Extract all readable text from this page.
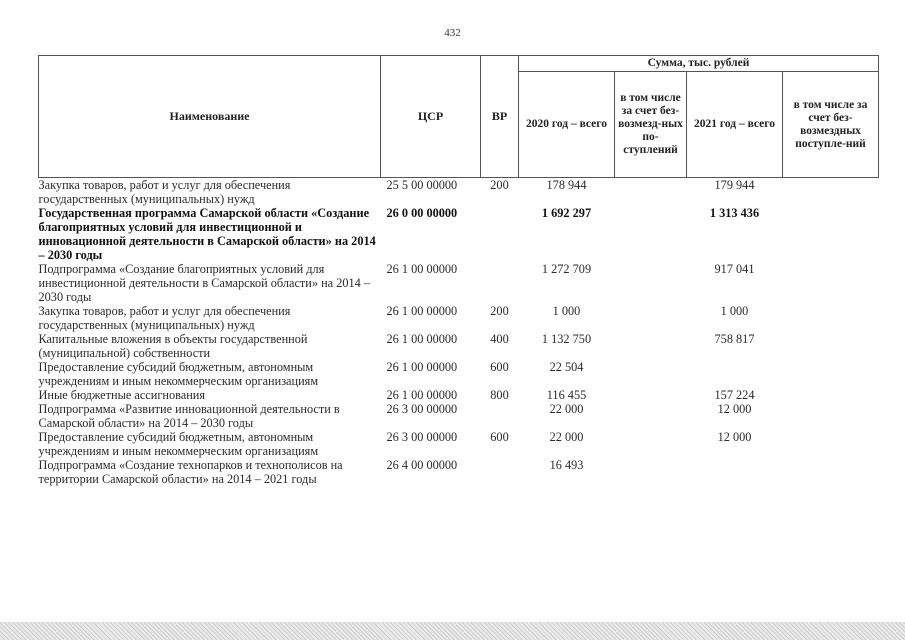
432
Наименование	ЦСР	ВР	Сумма, тыс. рублей			
			2020 год – всего	в том числе за счет без-возмезд-ных по-ступлений	2021 год – всего	в том числе за счет без-возмездных поступле-ний
Закупка товаров, работ и услуг для обеспечения государственных (муниципальных) нужд	25 5 00 00000	200	178 944		179 944	
Государственная программа Самарской области «Создание благоприятных условий для инвестиционной и инновационной деятельности в Самарской области» на 2014 – 2030 годы	26 0 00 00000		1 692 297		1 313 436	
Подпрограмма «Создание благоприятных условий для инвестиционной деятельности в Самарской области» на 2014 – 2030 годы	26 1 00 00000		1 272 709		917 041	
Закупка товаров, работ и услуг для обеспечения государственных (муниципальных) нужд	26 1 00 00000	200	1 000		1 000	
Капитальные вложения в объекты государственной (муниципальной) собственности	26 1 00 00000	400	1 132 750		758 817	
Предоставление субсидий бюджетным, автономным учреждениям и иным некоммерческим организациям	26 1 00 00000	600	22 504			
Иные бюджетные ассигнования	26 1 00 00000	800	116 455		157 224	
Подпрограмма «Развитие инновационной деятельности в Самарской области» на 2014 – 2030 годы	26 3 00 00000		22 000		12 000	
Предоставление субсидий бюджетным, автономным учреждениям и иным некоммерческим организациям	26 3 00 00000	600	22 000		12 000	
Подпрограмма «Создание технопарков и технополисов на территории Самарской области» на 2014 – 2021 годы	26 4 00 00000		16 493			
